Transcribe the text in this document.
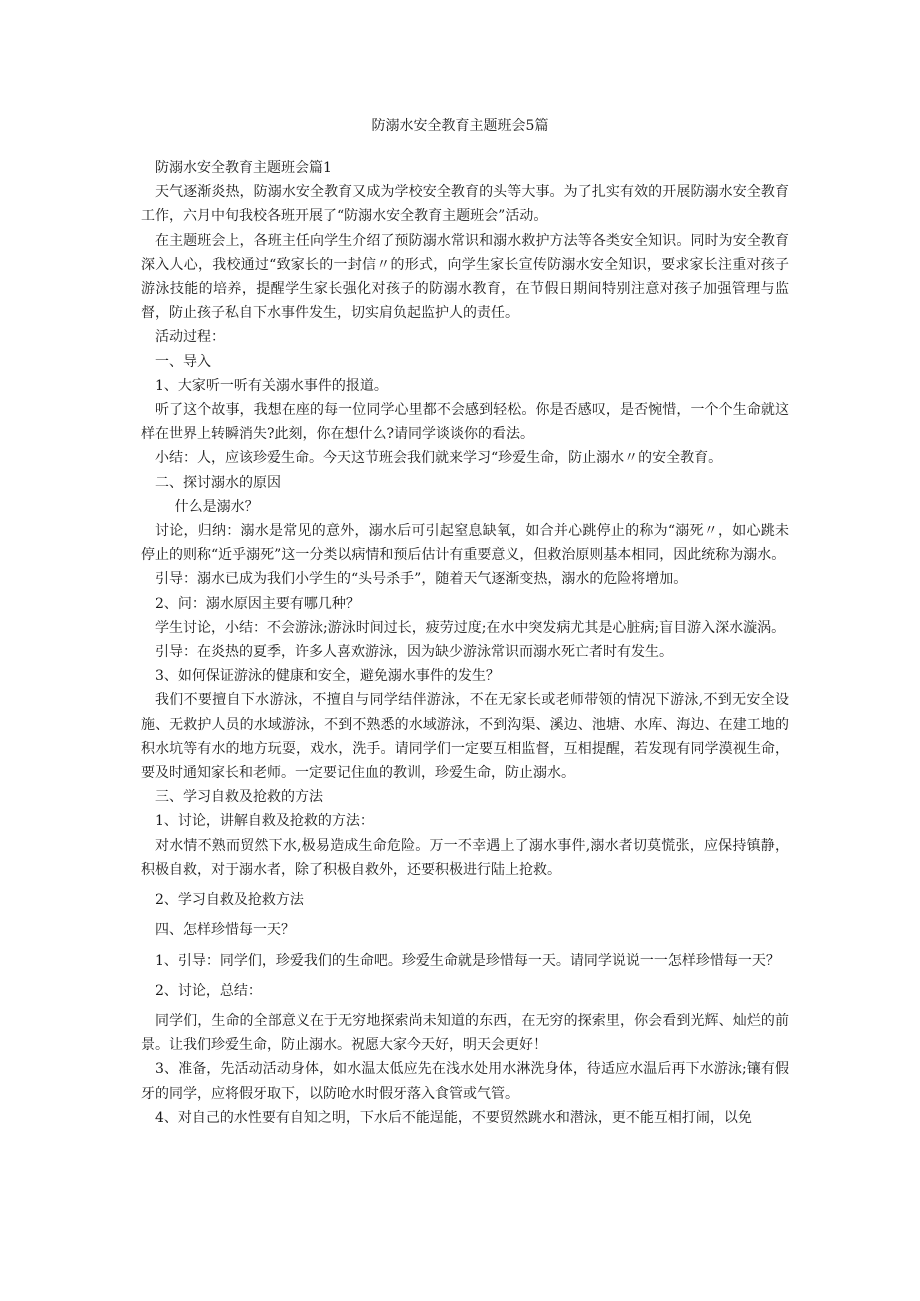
防溺水安全教育主题班会5篇

防溺水安全教育主题班会篇1

天气逐渐炎热，防溺水安全教育又成为学校安全教育的头等大事。为了扎实有效的开展防溺水安全教育工作，六月中旬我校各班开展了“防溺水安全教育主题班会”活动。

在主题班会上，各班主任向学生介绍了预防溺水常识和溺水救护方法等各类安全知识。同时为安全教育深入人心，我校通过“致家长的一封信〃的形式，向学生家长宣传防溺水安全知识，要求家长注重对孩子游泳技能的培养，提醒学生家长强化对孩子的防溺水教育，在节假日期间特别注意对孩子加强管理与监督，防止孩子私自下水事件发生，切实肩负起监护人的责任。

活动过程：

一、导入

1、大家听一听有关溺水事件的报道。

听了这个故事，我想在座的每一位同学心里都不会感到轻松。你是否感叹，是否惋惜，一个个生命就这样在世界上转瞬消失?此刻，你在想什么?请同学谈谈你的看法。

小结：人，应该珍爱生命。今天这节班会我们就来学习“珍爱生命，防止溺水〃的安全教育。

二、探讨溺水的原因

什么是溺水？

讨论，归纳：溺水是常见的意外，溺水后可引起窒息缺氧，如合并心跳停止的称为“溺死〃，如心跳未停止的则称“近乎溺死”这一分类以病情和预后估计有重要意义，但救治原则基本相同，因此统称为溺水。

引导：溺水已成为我们小学生的“头号杀手”，随着天气逐渐变热，溺水的危险将增加。

2、问：溺水原因主要有哪几种？

学生讨论，小结：不会游泳;游泳时间过长，疲劳过度;在水中突发病尤其是心脏病;盲目游入深水漩涡。

引导：在炎热的夏季，许多人喜欢游泳，因为缺少游泳常识而溺水死亡者时有发生。

3、如何保证游泳的健康和安全，避免溺水事件的发生？

我们不要擅自下水游泳，不擅自与同学结伴游泳，不在无家长或老师带领的情况下游泳,不到无安全设施、无救护人员的水域游泳，不到不熟悉的水域游泳，不到沟渠、溪边、池塘、水库、海边、在建工地的积水坑等有水的地方玩耍，戏水，洗手。请同学们一定要互相监督，互相提醒，若发现有同学漠视生命，要及时通知家长和老师。一定要记住血的教训，珍爱生命，防止溺水。

三、学习自救及抢救的方法

1、讨论，讲解自救及抢救的方法：

对水情不熟而贸然下水,极易造成生命危险。万一不幸遇上了溺水事件,溺水者切莫慌张，应保持镇静，积极自救，对于溺水者，除了积极自救外，还要积极进行陆上抢救。

2、学习自救及抢救方法

四、怎样珍惜每一天？

1、引导：同学们，珍爱我们的生命吧。珍爱生命就是珍惜每一天。请同学说说一一怎样珍惜每一天？

2、讨论，总结：

同学们，生命的全部意义在于无穷地探索尚未知道的东西，在无穷的探索里，你会看到光辉、灿烂的前景。让我们珍爱生命，防止溺水。祝愿大家今天好，明天会更好！

3、准备，先活动活动身体，如水温太低应先在浅水处用水淋洗身体，待适应水温后再下水游泳;镶有假牙的同学，应将假牙取下，以防呛水时假牙落入食管或气管。

4、对自己的水性要有自知之明，下水后不能逞能，不要贸然跳水和潜泳，更不能互相打闹，以免
